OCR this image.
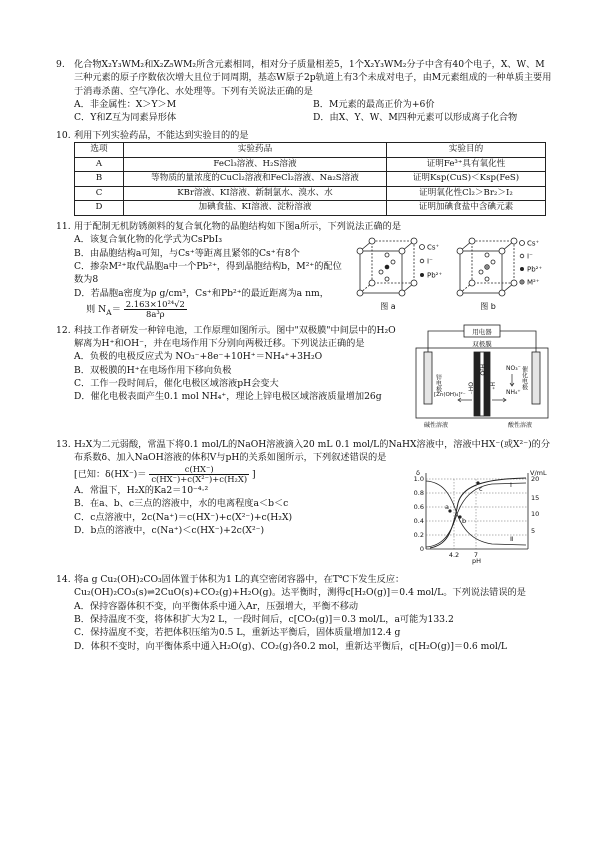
9.	化合物X₂Y₃WM₂和X₂Z₅WM₂所含元素相同，相对分子质量相差5，1个X₂Y₃WM₂分子中含有40个电子，X、W、M三种元素的原子序数依次增大且位于同周期，基态W原子2p轨道上有3个未成对电子，由M元素组成的一种单质主要用于消毒杀菌、空气净化、水处理等。下列有关说法正确的是
A．非金属性：X＞Y＞M	B．M元素的最高正价为+6价
C．Y和Z互为同素异形体	D．由X、Y、W、M四种元素可以形成离子化合物
10. 利用下列实验药品，不能达到实验目的的是
选项	实验药品	实验目的
A	FeCl₃溶液、H₂S溶液	证明Fe³⁺具有氧化性
B	等物质的量浓度的CuCl₂溶液和FeCl₂溶液、Na₂S溶液	证明Ksp(CuS)＜Ksp(FeS)
C	KBr溶液、KI溶液、新制氯水、溴水、水	证明氧化性Cl₂＞Br₂＞I₂
D	加碘食盐、KI溶液、淀粉溶液	证明加碘食盐中含碘元素
11. 用于配制无机防锈颜料的复合氧化物的晶胞结构如下图a所示，下列说法正确的是
A．该复合氧化物的化学式为CsPbI₃
B．由晶胞结构a可知，与Cs⁺等距离且紧邻的Cs⁺有8个
C．掺杂M²⁺取代晶胞a中一个Pb²⁺，得到晶胞结构b，M²⁺的配位数为8
D．若晶胞a密度为ρ g/cm³，Cs⁺和Pb²⁺的最近距离为a nm，
则 $N_A= \frac{\text{2.163×10²⁴√2}}{\text{8a³ρ}}$
Cs⁺
I⁻
Pb²⁺
Cs⁺
I⁻
Pb²⁺
M²⁺
图 a	图 b
12. 科技工作者研发一种锌电池，工作原理如图所示。图中"双极膜"中间层中的H₂O解离为H⁺和OH⁻，并在电场作用下分别向两极迁移。下列说法正确的是
A．负极的电极反应式为 NO₃⁻+8e⁻+10H⁺＝NH₄⁺+3H₂O
B．双极膜的H⁺在电场作用下移向负极
C．工作一段时间后，催化电极区域溶液pH会变大
D．催化电极表面产生0.1 mol NH₄⁺，理论上锌电极区域溶液质量增加26g
用电器
双极膜
锌电极	催化电极
OH⁻
H₂O
H⁺
NO₃⁻
NH₄⁺
[Zn(OH)₄]²⁻
碱性溶液	酸性溶液
13. H₂X为二元弱酸，常温下将0.1 mol/L的NaOH溶液滴入20 mL 0.1 mol/L的NaHX溶液中，溶液中HX⁻(或X²⁻)的分布系数δ、加入NaOH溶液的体积V与pH的关系如图所示，下列叙述错误的是
[已知：$\delta(HX^-)= \frac{c(HX^-)}{\text{c(HX⁻)+c(X²⁻)+c(H₂X)}}$ ]
A．常温下，H₂X的Ka2＝10⁻⁴·²
B．在a、b、c三点的溶液中，水的电离程度a＜b＜c
C．c点溶液中，2c(Na⁺)＝c(HX⁻)+c(X²⁻)+c(H₂X)
D．b点的溶液中，c(Na⁺)＜c(HX⁻)+2c(X²⁻)
δ	V/mL
pH
1.0
0.8
0.6
0.4
0.2
0
20
15
10
5
4.2 7
Ⅰ
Ⅱ
a
b
c
14. 将a g Cu₂(OH)₂CO₃固体置于体积为1 L的真空密闭容器中，在T℃下发生反应：
Cu₂(OH)₂CO₃(s)⇌2CuO(s)+CO₂(g)+H₂O(g)。达平衡时，测得c[H₂O(g)]＝0.4 mol/L。下列说法错误的是
A．保持容器体积不变，向平衡体系中通入Ar，压强增大，平衡不移动
B．保持温度不变，将体积扩大为2 L，一段时间后，c[CO₂(g)]＝0.3 mol/L，a可能为133.2
C．保持温度不变，若把体积压缩为0.5 L，重新达平衡后，固体质量增加12.4 g
D．体积不变时，向平衡体系中通入H₂O(g)、CO₂(g)各0.2 mol，重新达平衡后，c[H₂O(g)]＝0.6 mol/L
